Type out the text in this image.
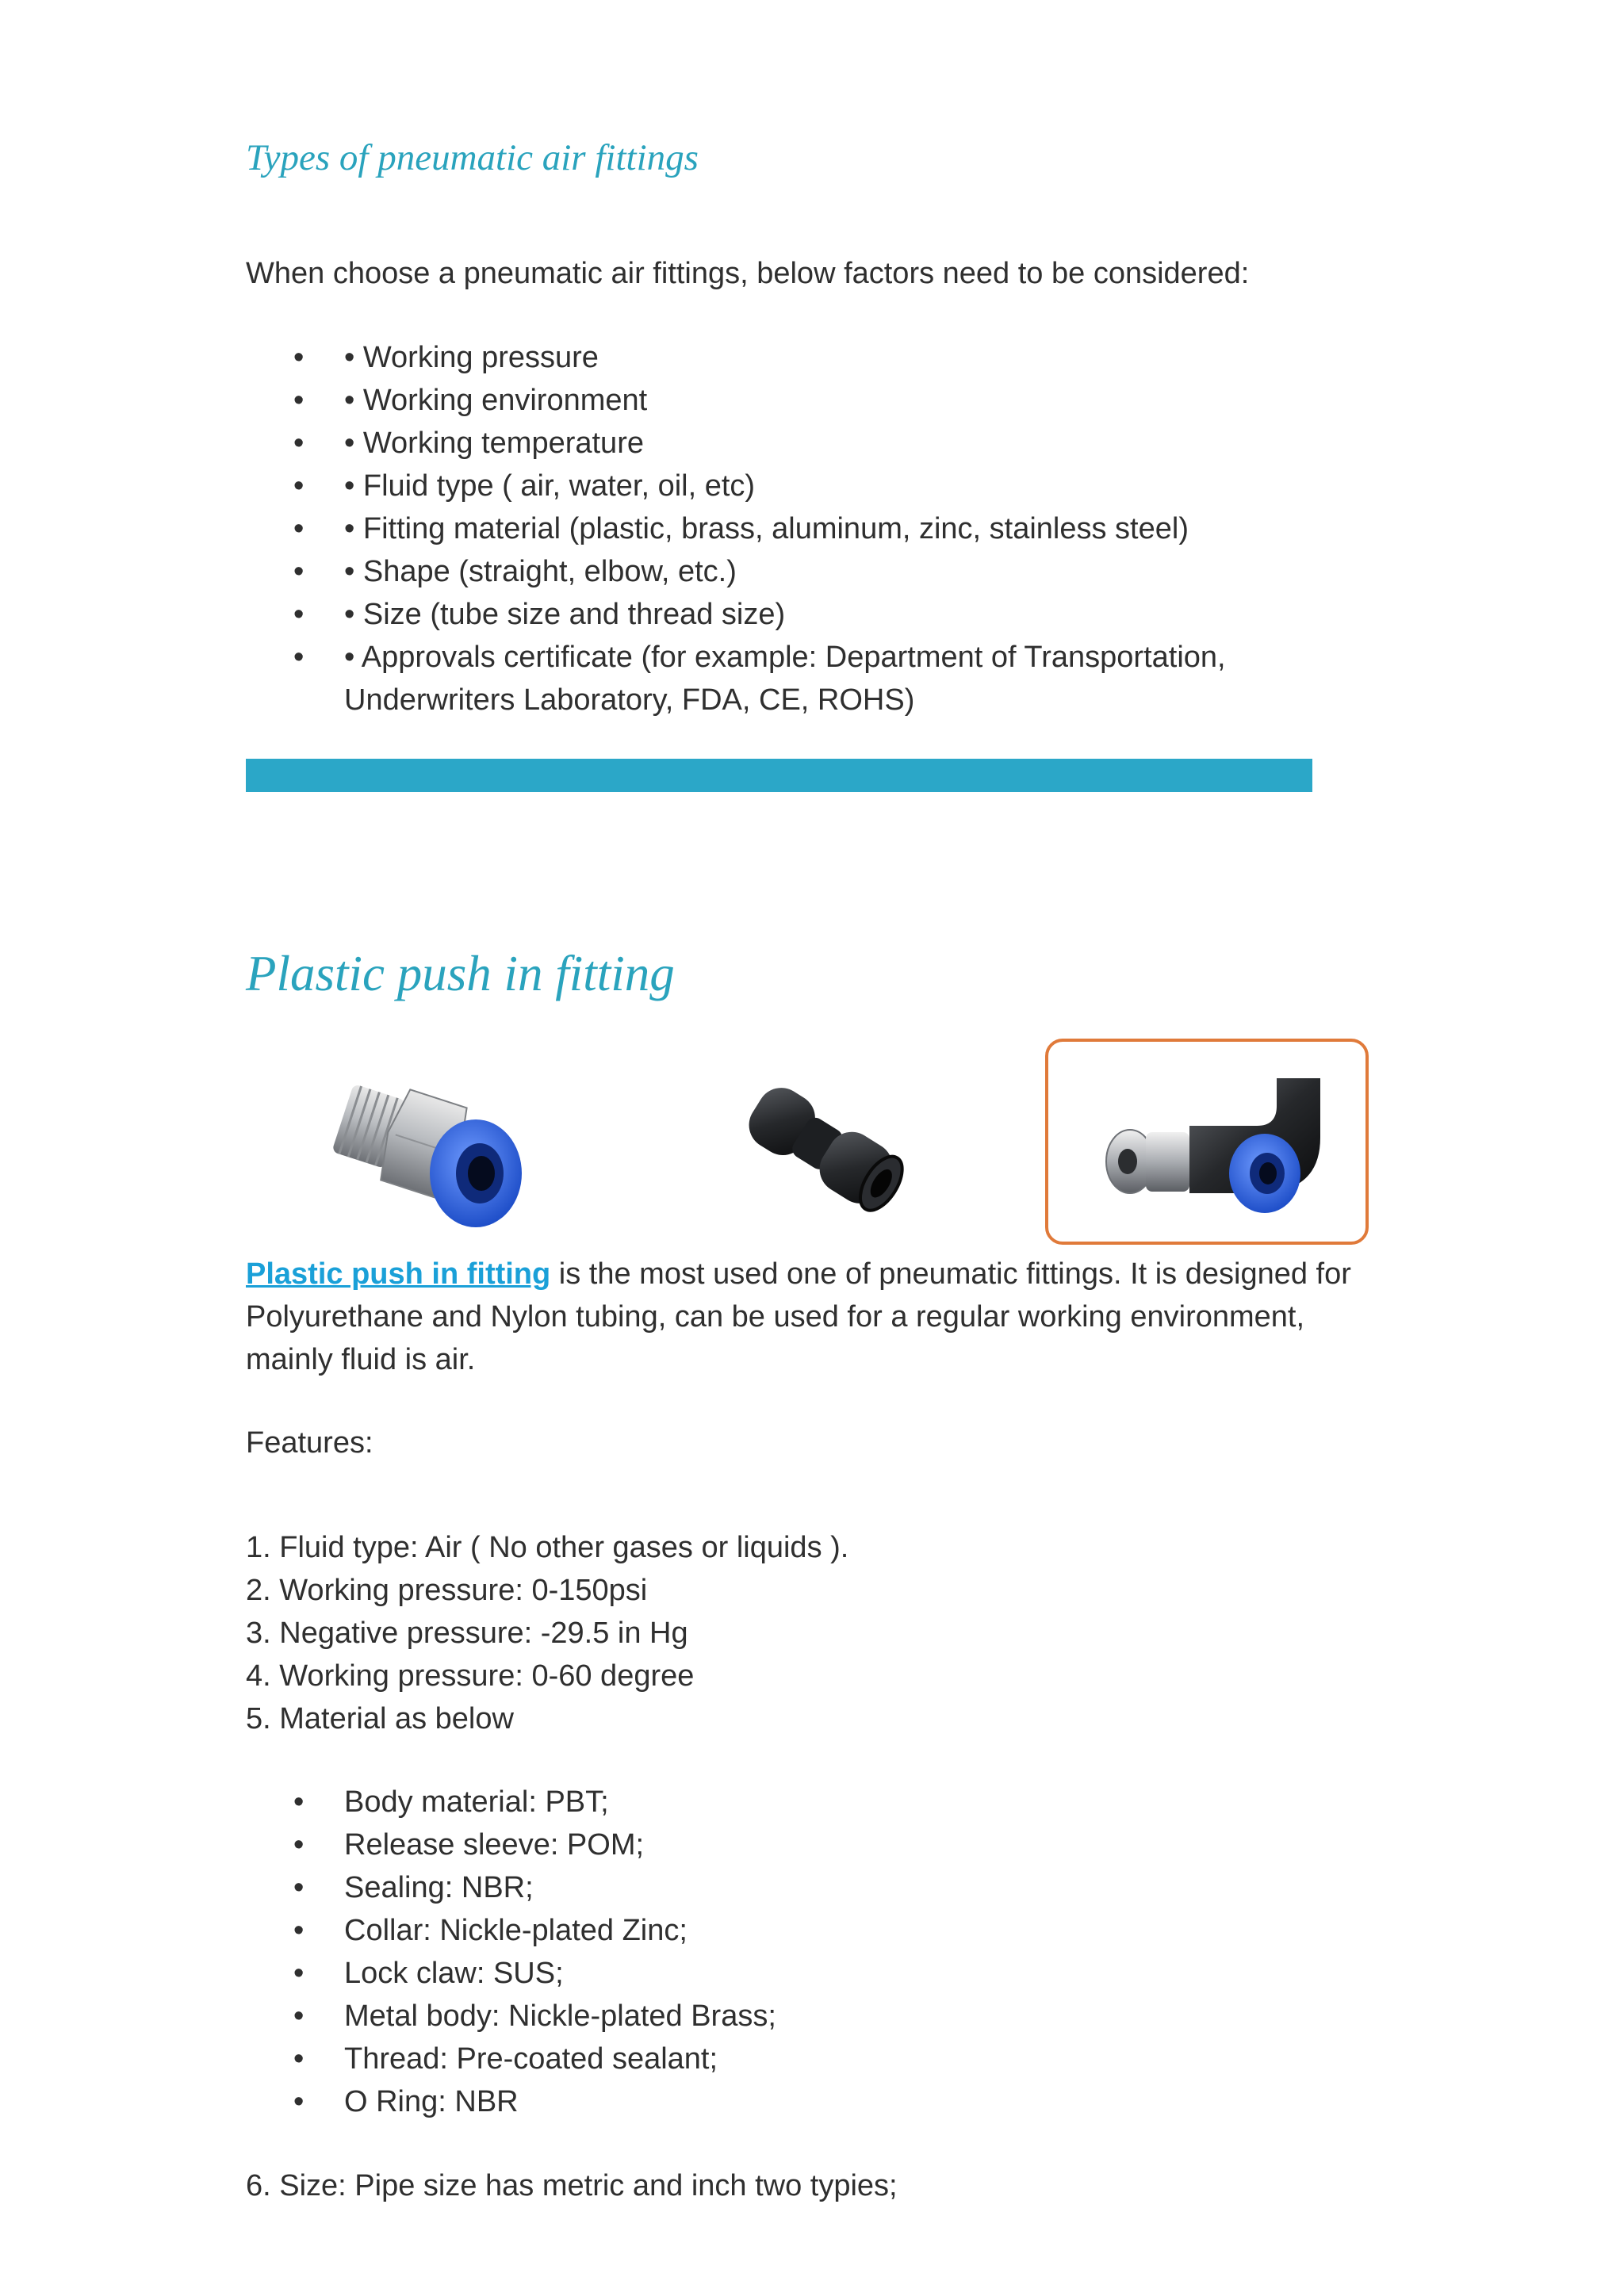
Types of pneumatic air fittings

When choose a pneumatic air fittings, below factors need to be considered:

• • Working pressure
• • Working environment
• • Working temperature
• • Fluid type ( air, water, oil, etc)
• • Fitting material (plastic, brass, aluminum, zinc, stainless steel)
• • Shape (straight, elbow, etc.)
• • Size (tube size and thread size)
• • Approvals certificate (for example: Department of Transportation, Underwriters Laboratory, FDA, CE, ROHS)
Plastic push in fitting

Plastic push in fitting is the most used one of pneumatic fittings. It is designed for Polyurethane and Nylon tubing, can be used for a regular working environment, mainly fluid is air.

Features:

1. Fluid type: Air ( No other gases or liquids ).
2. Working pressure: 0-150psi
3. Negative pressure: -29.5 in Hg
4. Working pressure: 0-60 degree
5. Material as below
• Body material: PBT;
• Release sleeve: POM;
• Sealing: NBR;
• Collar: Nickle-plated Zinc;
• Lock claw: SUS;
• Metal body: Nickle-plated Brass;
• Thread: Pre-coated sealant;
• O Ring: NBR

6. Size: Pipe size has metric and inch two typies;
